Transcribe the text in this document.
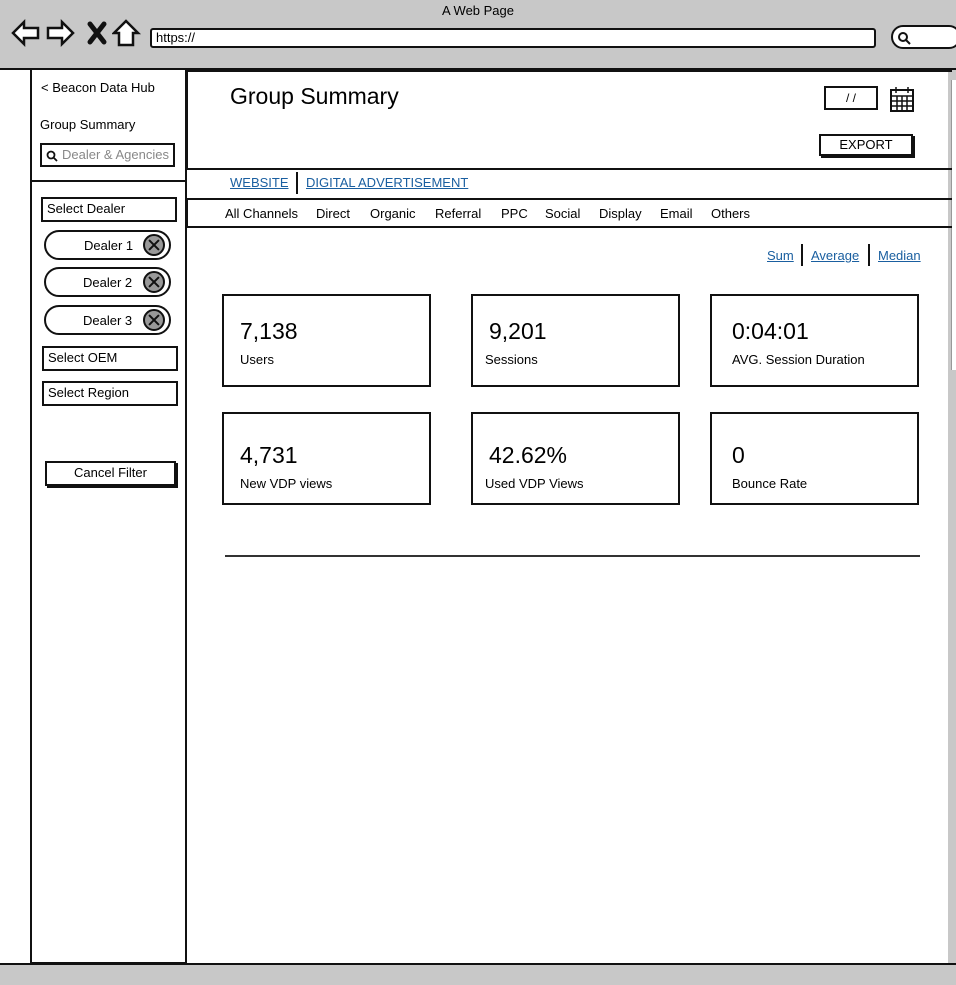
A Web Page
https://
< Beacon Data Hub
Group Summary
Dealer & Agencies
Select Dealer
Dealer 1
Dealer 2
Dealer 3
Select OEM
Select Region
Cancel Filter
Group Summary	/ /
EXPORT
WEBSITE DIGITAL ADVERTISEMENT
All Channels Direct Organic Referral PPC Social Display Email Others
Sum Average Median
7,138
Users
9,201
Sessions
0:04:01
AVG. Session Duration
4,731
New VDP views
42.62%
Used VDP Views
0
Bounce Rate
